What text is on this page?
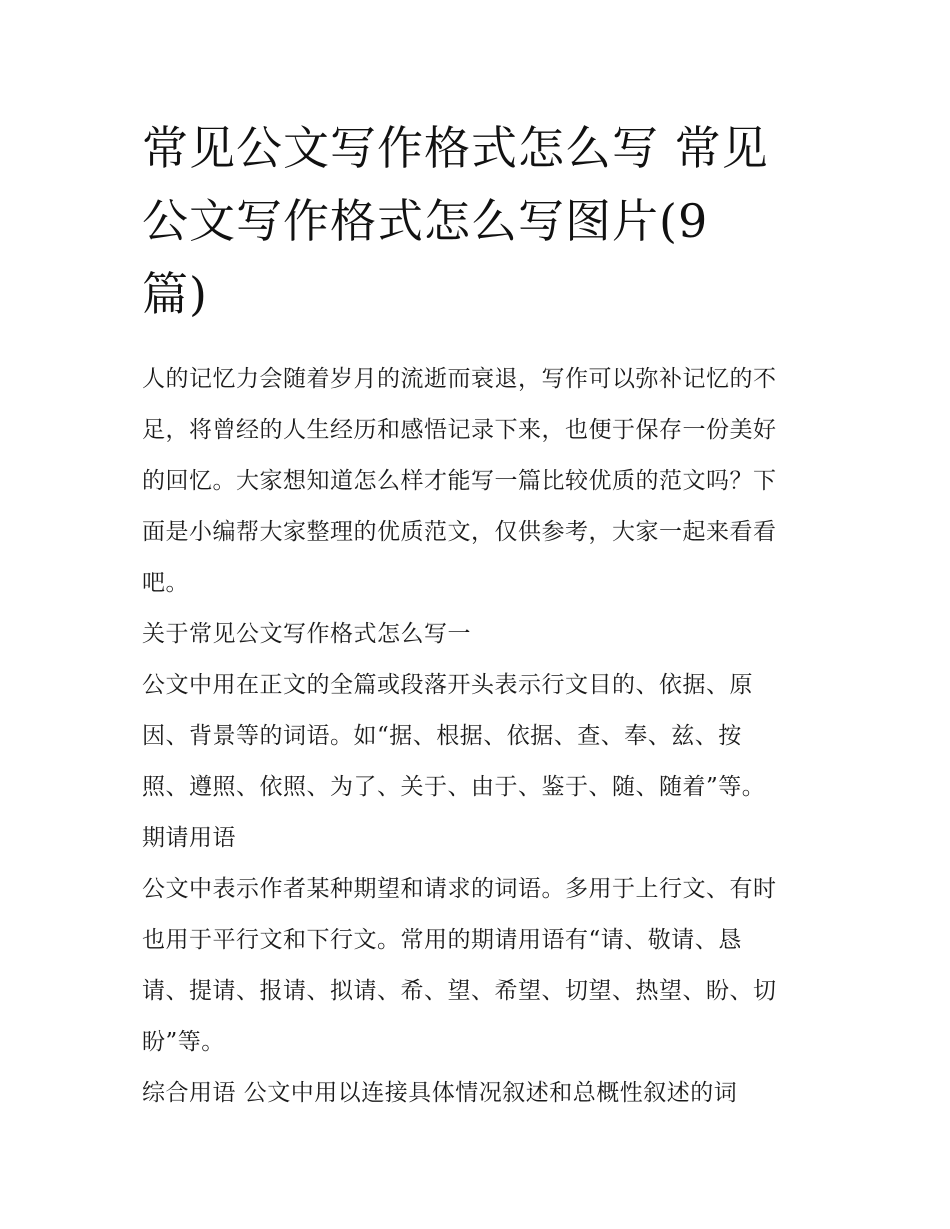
常见公文写作格式怎么写 常见
公文写作格式怎么写图片(9
篇)
人的记忆力会随着岁月的流逝而衰退，写作可以弥补记忆的不
足，将曾经的人生经历和感悟记录下来，也便于保存一份美好
的回忆。大家想知道怎么样才能写一篇比较优质的范文吗？下
面是小编帮大家整理的优质范文，仅供参考，大家一起来看看
吧。
关于常见公文写作格式怎么写一
公文中用在正文的全篇或段落开头表示行文目的、依据、原
因、背景等的词语。如“据、根据、依据、查、奉、兹、按
照、遵照、依照、为了、关于、由于、鉴于、随、随着”等。
期请用语
公文中表示作者某种期望和请求的词语。多用于上行文、有时
也用于平行文和下行文。常用的期请用语有“请、敬请、恳
请、提请、报请、拟请、希、望、希望、切望、热望、盼、切
盼”等。
综合用语 公文中用以连接具体情况叙述和总概性叙述的词
